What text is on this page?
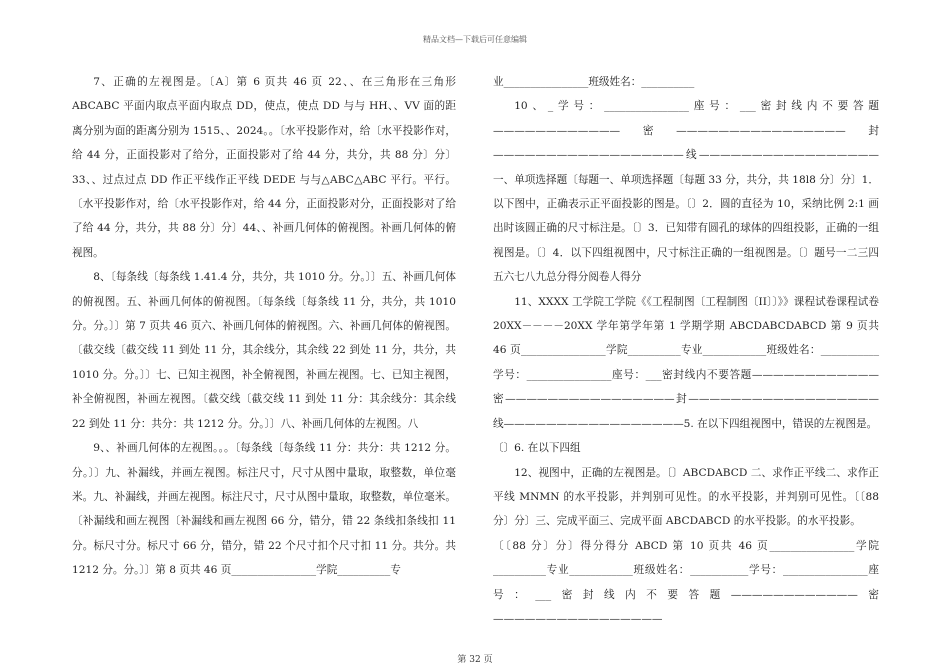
精品文档—下载后可任意编辑

7、正确的左视图是。〔A〕第 6 页共 46 页 22、、在三角形在三角形 ABCABC 平面内取点平面内取点 DD，使点，使点 DD 与与 HH、、VV 面的距离分别为面的距离分别为 1515、、2024。。〔水平投影作对，给〔水平投影作对，给 44 分，正面投影对了给分，正面投影对了给 44 分，共分，共 88 分〕分〕33、、过点过点 DD 作正平线作正平线 DEDE 与与△ABC△ABC 平行。平行。〔水平投影作对，给〔水平投影作对，给 44 分，正面投影对分，正面投影对了给了给 44 分，共分，共 88 分〕分〕44、、补画几何体的俯视图。补画几何体的俯视图。

8、〔每条线〔每条线 1.41.4 分，共分，共 1010 分。分。〕〕五、补画几何体的俯视图。五、补画几何体的俯视图。〔每条线〔每条线 11 分，共分，共 1010 分。分。〕〕第 7 页共 46 页六、补画几何体的俯视图。六、补画几何体的俯视图。〔截交线〔截交线 11 到处 11 分，其余线分，其余线 22 到处 11 分，共分，共 1010 分。分。〕〕七、已知主视图，补全俯视图，补画左视图。七、已知主视图，补全俯视图，补画左视图。〔截交线〔截交线 11 到处 11 分：其余线分：其余线 22 到处 11 分：共分：共 1212 分。分。〕〕八、补画几何体的左视图。八

9、、补画几何体的左视图。。。〔每条线〔每条线 11 分：共分：共 1212 分。分。〕〕九、补漏线，并画左视图。标注尺寸，尺寸从图中量取，取整数，单位毫米。九、补漏线，并画左视图。标注尺寸，尺寸从图中量取，取整数，单位毫米。〔补漏线和画左视图〔补漏线和画左视图 66 分，错分，错 22 条线扣条线扣 11 分。标尺寸分。标尺寸 66 分，错分，错 22 个尺寸扣个尺寸扣 11 分。共分。共 1212 分。分。〕〕第 8 页共 46 页________________学院__________专

业________________班级姓名：__________

10、_学号：________________座号：___密封线内不要答题————————————密————————————————封——————————————————线—————————————————一、单项选择题〔每题一、单项选择题〔每题 33 分，共分，共 18l8 分〕分〕1．以下图中，正确表示正平面投影的图是。〔〕2．圆的直径为 10，采纳比例 2:1 画出时该圆正确的尺寸标注是。〔〕3．已知带有圆孔的球体的四组投影，正确的一组视图是。〔〕4．以下四组视图中，尺寸标注正确的一组视图是。〔〕题号一二三四五六七八九总分得分阅卷人得分

11、XXXX 工学院工学院《《工程制图〔工程制图〔ⅠⅠ〕〕》》课程试卷课程试卷 20XX－－－－20XX 学年第学年第 1 学期学期 ABCDABCDABCD 第 9 页共 46 页________________学院__________专业____________班级姓名：___________学号：________________座号：___密封线内不要答题————————————密————————————————封——————————————————线—————————————————5. 在以下四组视图中，错误的左视图是。

〔〕6. 在以下四组

12、视图中，正确的左视图是。〔〕ABCDABCD 二、求作正平线二、求作正平线 MNMN 的水平投影，并判别可见性。的水平投影，并判别可见性。〔〔88 分〕分〕三、完成平面三、完成平面 ABCDABCD 的水平投影。的水平投影。

〔〔88 分〕分〕得分得分 ABCD 第 10 页共 46 页________________学院__________专业____________班级姓名：___________学号：________________座号：___密封线内不要答题————————————密————————————————

第 32 页
